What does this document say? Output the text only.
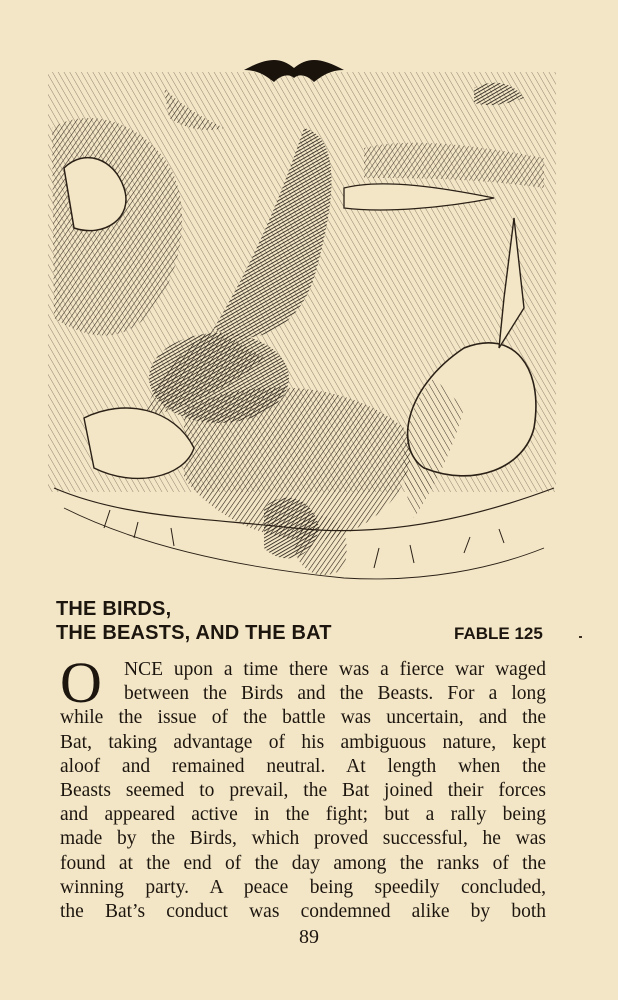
THE BIRDS,
THE BEASTS, AND THE BAT	FABLE 125
O	NCE upon a time there was a fierce war waged
between the Birds and the Beasts. For a long
while the issue of the battle was uncertain, and the
Bat, taking advantage of his ambiguous nature, kept
aloof and remained neutral. At length when the
Beasts seemed to prevail, the Bat joined their forces
and appeared active in the fight; but a rally being
made by the Birds, which proved successful, he was
found at the end of the day among the ranks of the
winning party. A peace being speedily concluded,
the Bat’s conduct was condemned alike by both
89
